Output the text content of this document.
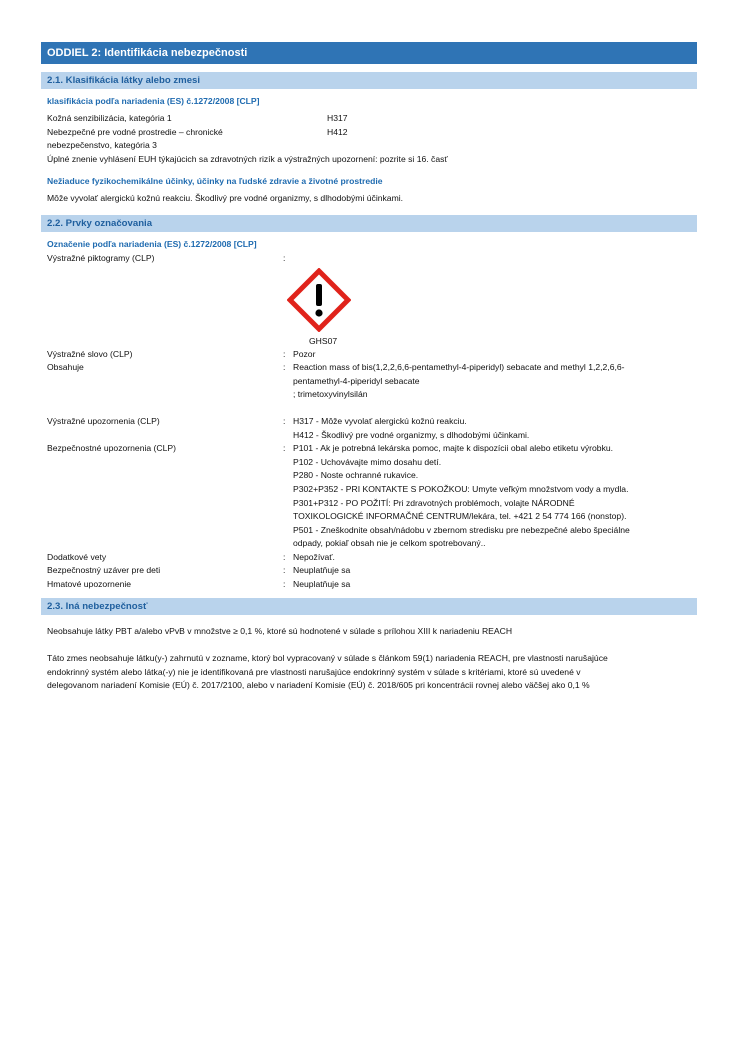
ODDIEL 2: Identifikácia nebezpečnosti
2.1. Klasifikácia látky alebo zmesi
klasifikácia podľa nariadenia (ES) č.1272/2008 [CLP]
Kožná senzibilizácia, kategória 1	H317
Nebezpečné pre vodné prostredie – chronické	H412
nebezpečenstvo, kategória 3
Úplné znenie vyhlásení EUH týkajúcich sa zdravotných rizík a výstražných upozornení: pozrite si 16. časť
Nežiaduce fyzikochemikálne účinky, účinky na ľudské zdravie a životné prostredie
Môže vyvolať alergickú kožnú reakciu. Škodlivý pre vodné organizmy, s dlhodobými účinkami.
2.2. Prvky označovania
Označenie podľa nariadenia (ES) č.1272/2008 [CLP]
Výstražné piktogramy (CLP)	:
GHS07
Výstražné slovo (CLP)	: Pozor
Obsahuje	: Reaction mass of bis(1,2,2,6,6-pentamethyl-4-piperidyl) sebacate and methyl 1,2,2,6,6-
pentamethyl-4-piperidyl sebacate
; trimetoxyvinylsilán
Výstražné upozornenia (CLP)	: H317 - Môže vyvolať alergickú kožnú reakciu.
H412 - Škodlivý pre vodné organizmy, s dlhodobými účinkami.
Bezpečnostné upozornenia (CLP)	: P101 - Ak je potrebná lekárska pomoc, majte k dispozícii obal alebo etiketu výrobku.
P102 - Uchovávajte mimo dosahu detí.
P280 - Noste ochranné rukavice.
P302+P352 - PRI KONTAKTE S POKOŽKOU: Umyte veľkým množstvom vody a mydla.
P301+P312 - PO POŽITÍ: Pri zdravotných problémoch, volajte NÁRODNÉ
TOXIKOLOGICKÉ INFORMAČNÉ CENTRUM/lekára, tel. +421 2 54 774 166 (nonstop).
P501 - Zneškodnite obsah/nádobu v zbernom stredisku pre nebezpečné alebo špeciálne
odpady, pokiaľ obsah nie je celkom spotrebovaný..
Dodatkové vety	: Nepožívať.
Bezpečnostný uzáver pre deti	: Neuplatňuje sa
Hmatové upozornenie	: Neuplatňuje sa
2.3. Iná nebezpečnosť
Neobsahuje látky PBT a/alebo vPvB v množstve ≥ 0,1 %, ktoré sú hodnotené v súlade s prílohou XIII k nariadeniu REACH
Táto zmes neobsahuje látku(y-) zahrnutú v zozname, ktorý bol vypracovaný v súlade s článkom 59(1) nariadenia REACH, pre vlastnosti narušajúce
endokrinný systém alebo látka(-y) nie je identifikovaná pre vlastnosti narušajúce endokrinný systém v súlade s kritériami, ktoré sú uvedené v
delegovanom nariadení Komisie (EÚ) č. 2017/2100, alebo v nariadení Komisie (EÚ) č. 2018/605 pri koncentrácii rovnej alebo väčšej ako 0,1 %
